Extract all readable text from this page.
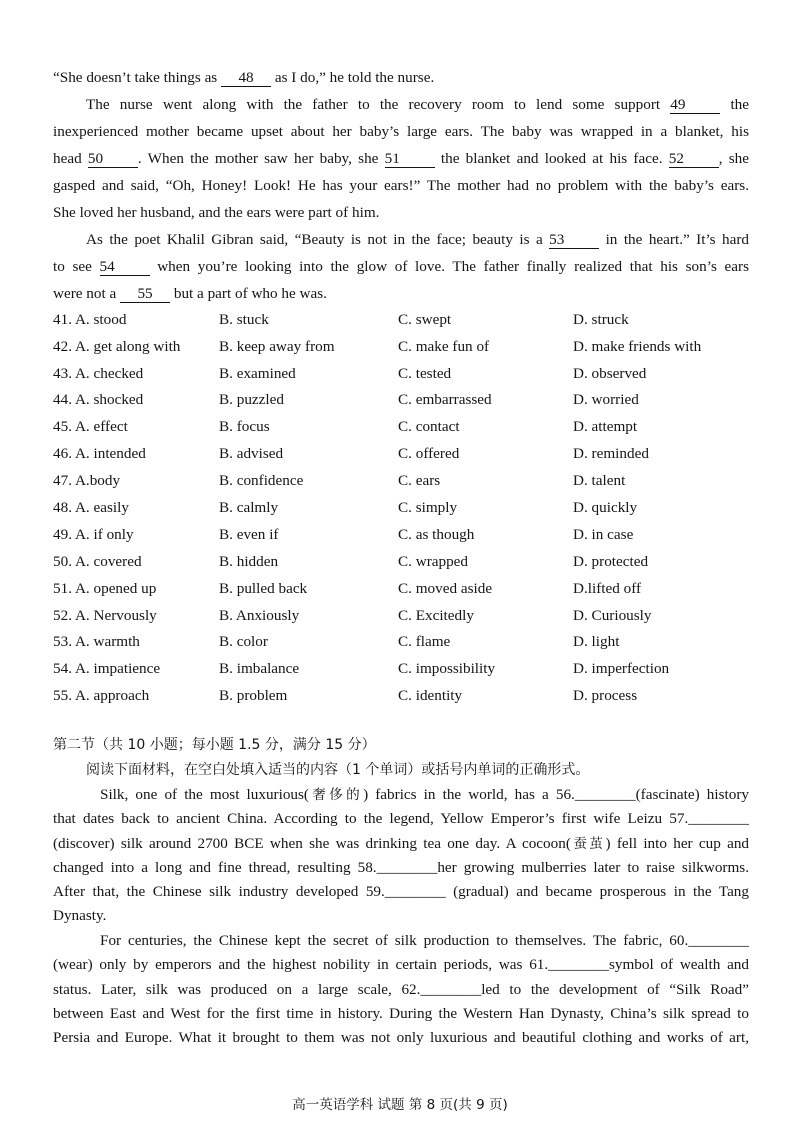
“She doesn’t take things as 48 as I do,” he told the nurse.
The nurse went along with the father to the recovery room to lend some support 49 the
inexperienced mother became upset about her baby’s large ears. The baby was wrapped in a blanket, his
head 50 . When the mother saw her baby, she 51 the blanket and looked at his face. 52 , she
gasped and said, “Oh, Honey! Look! He has your ears!” The mother had no problem with the baby’s ears.
She loved her husband, and the ears were part of him.
As the poet Khalil Gibran said, “Beauty is not in the face; beauty is a 53 in the heart.” It’s hard
to see 54 when you’re looking into the glow of love. The father finally realized that his son’s ears
were not a 55 but a part of who he was.
41. A. stood	B. stuck	C. swept	D. struck
42. A. get along with	B. keep away from	C. make fun of	D. make friends with
43. A. checked	B. examined	C. tested	D. observed
44. A. shocked	B. puzzled	C. embarrassed	D. worried
45. A. effect	B. focus	C. contact	D. attempt
46. A. intended	B. advised	C. offered	D. reminded
47. A.body	B. confidence	C. ears	D. talent
48. A. easily	B. calmly	C. simply	D. quickly
49. A. if only	B. even if	C. as though	D. in case
50. A. covered	B. hidden	C. wrapped	D. protected
51. A. opened up	B. pulled back	C. moved aside	D.lifted off
52. A. Nervously	B. Anxiously	C. Excitedly	D. Curiously
53. A. warmth	B. color	C. flame	D. light
54. A. impatience	B. imbalance	C. impossibility	D. imperfection
55. A. approach	B. problem	C. identity	D. process
第二节（共 10 小题；每小题 1.5 分，满分 15 分）
阅读下面材料，在空白处填入适当的内容（1 个单词）或括号内单词的正确形式。
Silk, one of the most luxurious(奢侈的) fabrics in the world, has a 56.________(fascinate) history
that dates back to ancient China. According to the legend, Yellow Emperor’s first wife Leizu 57.________
(discover) silk around 2700 BCE when she was drinking tea one day. A cocoon(蚕茧) fell into her cup and
changed into a long and fine thread, resulting 58.________her growing mulberries later to raise silkworms.
After that, the Chinese silk industry developed 59.________ (gradual) and became prosperous in the Tang
Dynasty.
For centuries, the Chinese kept the secret of silk production to themselves. The fabric, 60.________
(wear) only by emperors and the highest nobility in certain periods, was 61.________symbol of wealth and
status. Later, silk was produced on a large scale, 62.________led to the development of “Silk Road”
between East and West for the first time in history. During the Western Han Dynasty, China’s silk spread to
Persia and Europe. What it brought to them was not only luxurious and beautiful clothing and works of art,
高一英语学科 试题 第 8 页(共 9 页)
